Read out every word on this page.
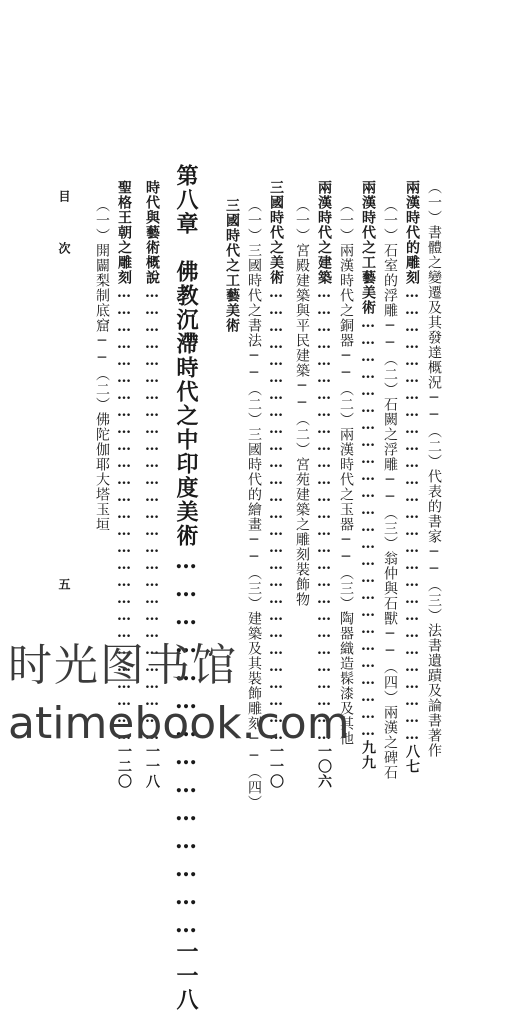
目　次
五	（一）書體之變遷及其發達概況──（二）代表的書家──（三）法書遺蹟及論書著作
兩漢時代的雕刻………………………………………………………………………八七
（一）石室的浮雕──（二）石闕之浮雕──（三）翁仲與石獸──（四）兩漢之碑石
兩漢時代之工藝美術…………………………………………………………………九九
（一）兩漢時代之銅器──（二）兩漢時代之玉器──（三）陶器織造髹漆及其他
兩漢時代之建築………………………………………………………………………一〇六
（一）宮殿建築與平民建築──（二）宮苑建築之雕刻裝飾物
三國時代之美術………………………………………………………………………一一〇
（一）三國時代之書法──（二）三國時代的繪畫──（三）建築及其裝飾雕刻──（四）
三國時代之工藝美術
第八章　佛教沉滯時代之中印度美術……………………………………一一八
時代與藝術概說………………………………………………………………………一一八
聖格王朝之雕刻………………………………………………………………………一二〇
（一）開闢梨制底窟──（二）佛陀伽耶大塔玉垣
时光图书馆
atimebook.com
